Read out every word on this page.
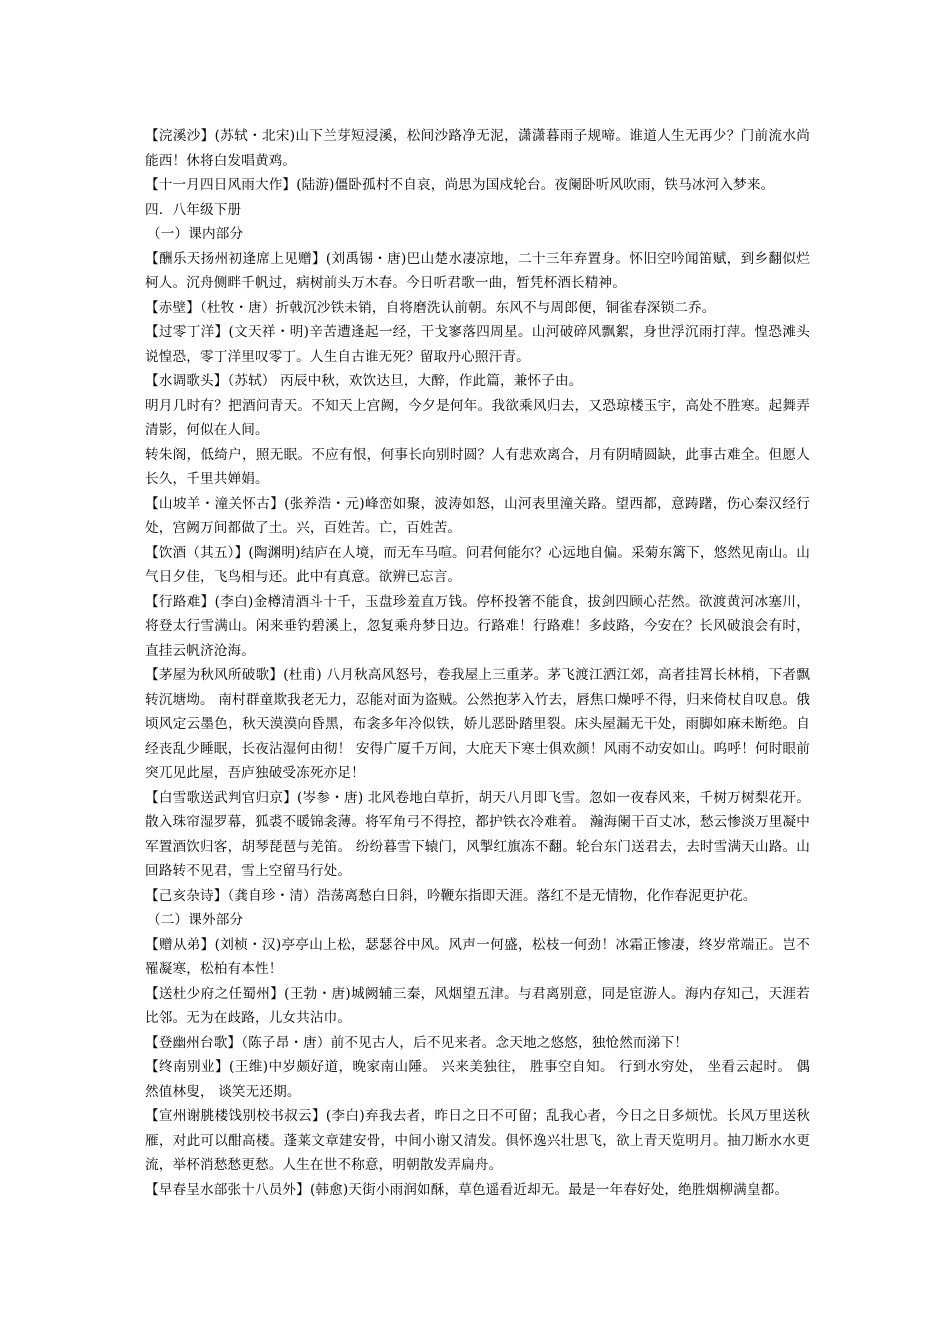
【浣溪沙】(苏轼・北宋)山下兰芽短浸溪，松间沙路净无泥，潇潇暮雨子规啼。谁道人生无再少？门前流水尚能西！休将白发唱黄鸡。

【十一月四日风雨大作】(陆游)僵卧孤村不自哀，尚思为国戍轮台。夜阑卧听风吹雨，铁马冰河入梦来。

四．八年级下册

（一）课内部分

【酬乐天扬州初逢席上见赠】(刘禹锡・唐)巴山楚水凄凉地，二十三年弃置身。怀旧空吟闻笛赋，到乡翻似烂柯人。沉舟侧畔千帆过，病树前头万木春。今日听君歌一曲，暂凭杯酒长精神。

【赤壁】（杜牧・唐）折戟沉沙铁未销，自将磨洗认前朝。东风不与周郎便，铜雀春深锁二乔。

【过零丁洋】(文天祥・明)辛苦遭逢起一经，干戈寥落四周星。山河破碎风飘絮，身世浮沉雨打萍。惶恐滩头说惶恐，零丁洋里叹零丁。人生自古谁无死？留取丹心照汗青。

【水调歌头】（苏轼） 丙辰中秋，欢饮达旦，大醉，作此篇，兼怀子由。

明月几时有？把酒问青天。不知天上宫阙，今夕是何年。我欲乘风归去，又恐琼楼玉宇，高处不胜寒。起舞弄清影，何似在人间。

转朱阁，低绮户，照无眠。不应有恨，何事长向别时圆？人有悲欢离合，月有阴晴圆缺，此事古难全。但愿人长久，千里共婵娟。

【山坡羊・潼关怀古】(张养浩・元)峰峦如聚，波涛如怒，山河表里潼关路。望西都，意踌躇，伤心秦汉经行处，宫阙万间都做了土。兴，百姓苦。亡，百姓苦。

【饮酒（其五）】(陶渊明)结庐在人境，而无车马喧。问君何能尔？心远地自偏。采菊东篱下，悠然见南山。山气日夕佳，飞鸟相与还。此中有真意。欲辨已忘言。

【行路难】(李白)金樽清酒斗十千，玉盘珍羞直万钱。停杯投箸不能食，拔剑四顾心茫然。欲渡黄河冰塞川，将登太行雪满山。闲来垂钓碧溪上，忽复乘舟梦日边。行路难！行路难！多歧路，今安在？长风破浪会有时，直挂云帆济沧海。

【茅屋为秋风所破歌】(杜甫) 八月秋高风怒号，卷我屋上三重茅。茅飞渡江洒江郊，高者挂罥长林梢，下者飘转沉塘坳。 南村群童欺我老无力，忍能对面为盗贼。公然抱茅入竹去，唇焦口燥呼不得，归来倚杖自叹息。俄顷风定云墨色，秋天漠漠向昏黑，布衾多年冷似铁，娇儿恶卧踏里裂。床头屋漏无干处，雨脚如麻未断绝。自经丧乱少睡眠，长夜沾湿何由彻！ 安得广厦千万间，大庇天下寒士俱欢颜！风雨不动安如山。呜呼！何时眼前突兀见此屋，吾庐独破受冻死亦足！

【白雪歌送武判官归京】(岑参・唐) 北风卷地白草折，胡天八月即飞雪。忽如一夜春风来，千树万树梨花开。 散入珠帘湿罗幕，狐裘不暖锦衾薄。将军角弓不得控，都护铁衣冷难着。 瀚海阑干百丈冰，愁云惨淡万里凝中军置酒饮归客，胡琴琵琶与羌笛。 纷纷暮雪下辕门，风掣红旗冻不翻。轮台东门送君去，去时雪满天山路。山回路转不见君，雪上空留马行处。

【己亥杂诗】（龚自珍・清）浩荡离愁白日斜，吟鞭东指即天涯。落红不是无情物，化作春泥更护花。

（二）课外部分

【赠从弟】(刘桢・汉)亭亭山上松，瑟瑟谷中风。风声一何盛，松枝一何劲！冰霜正惨凄，终岁常端正。岂不罹凝寒，松柏有本性！

【送杜少府之任蜀州】(王勃・唐)城阙辅三秦，风烟望五津。与君离别意，同是宦游人。海内存知己，天涯若比邻。无为在歧路，儿女共沾巾。

【登幽州台歌】（陈子昂・唐）前不见古人，后不见来者。念天地之悠悠，独怆然而涕下！

【终南别业】(王维)中岁颇好道，晚家南山陲。 兴来美独往， 胜事空自知。 行到水穷处， 坐看云起时。 偶然值林叟， 谈笑无还期。

【宣州谢朓楼饯别校书叔云】(李白)弃我去者，昨日之日不可留；乱我心者，今日之日多烦忧。长风万里送秋雁，对此可以酣高楼。蓬莱文章建安骨，中间小谢又清发。俱怀逸兴壮思飞，欲上青天览明月。抽刀断水水更流，举杯消愁愁更愁。人生在世不称意，明朝散发弄扁舟。

【早春呈水部张十八员外】(韩愈)天街小雨润如酥，草色遥看近却无。最是一年春好处，绝胜烟柳满皇都。
